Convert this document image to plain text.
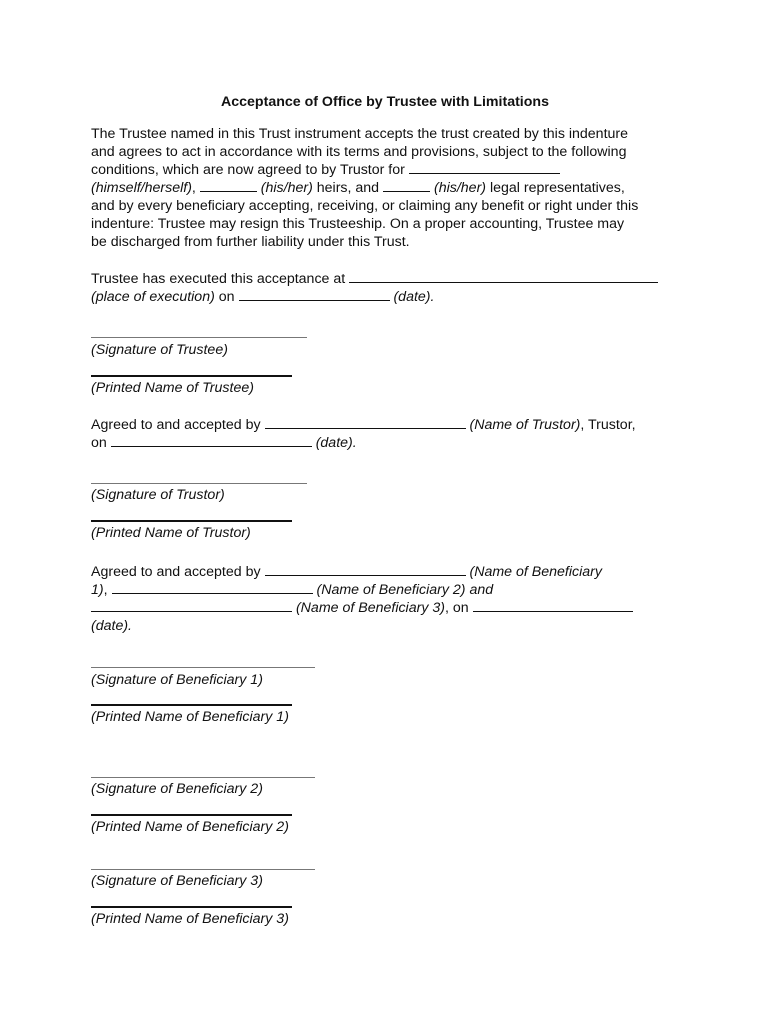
Acceptance of Office by Trustee with Limitations

The Trustee named in this Trust instrument accepts the trust created by this indenture

and agrees to act in accordance with its terms and provisions, subject to the following

conditions, which are now agreed to by Trustor for

(himself/herself),	(his/her) heirs, and	(his/her) legal representatives,

and by every beneficiary accepting, receiving, or claiming any benefit or right under this

indenture: Trustee may resign this Trusteeship. On a proper accounting, Trustee may

be discharged from further liability under this Trust.

Trustee has executed this acceptance at

(place of execution) on	(date).

(Signature of Trustee)
(Printed Name of Trustee)

Agreed to and accepted by	(Name of Trustor), Trustor,

on	(date).

(Signature of Trustor)
(Printed Name of Trustor)

Agreed to and accepted by	(Name of Beneficiary

1),	(Name of Beneficiary 2) and

(Name of Beneficiary 3), on

(date).

(Signature of Beneficiary 1)
(Printed Name of Beneficiary 1)
(Signature of Beneficiary 2)
(Printed Name of Beneficiary 2)
(Signature of Beneficiary 3)
(Printed Name of Beneficiary 3)
